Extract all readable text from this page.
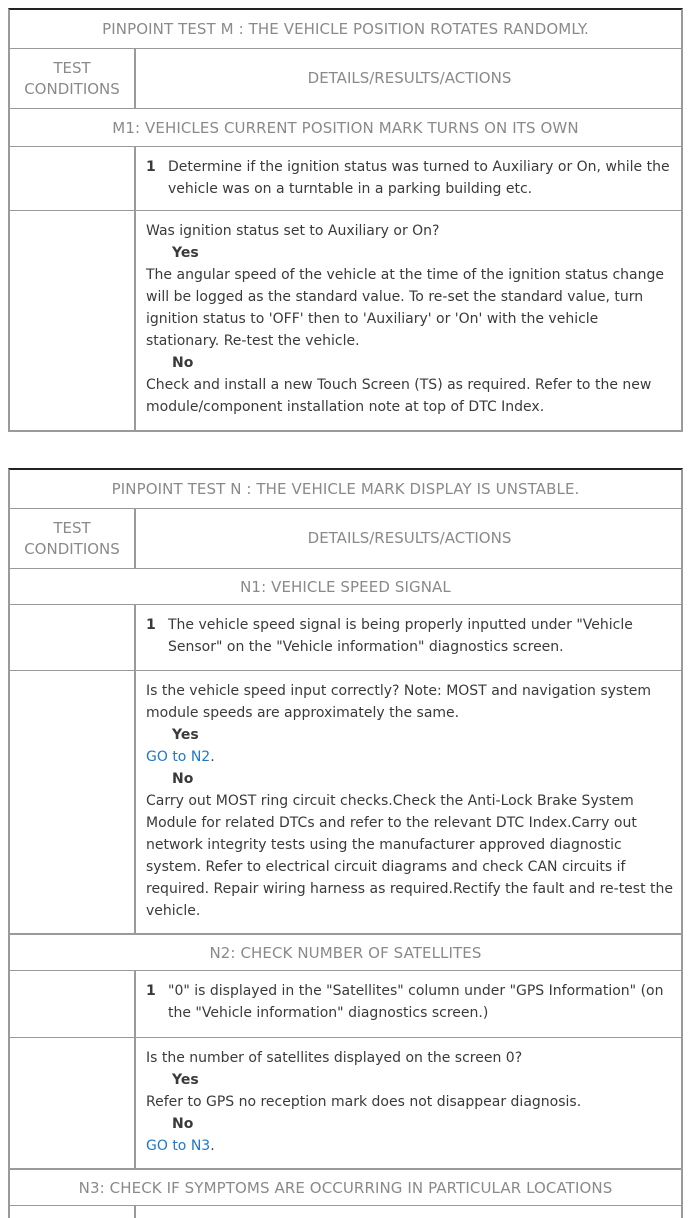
PINPOINT TEST M : THE VEHICLE POSITION ROTATES RANDOMLY.
TEST CONDITIONS
DETAILS/RESULTS/ACTIONS
M1: VEHICLES CURRENT POSITION MARK TURNS ON ITS OWN
1 Determine if the ignition status was turned to Auxiliary or On, while the vehicle was on a turntable in a parking building etc.
Was ignition status set to Auxiliary or On?
Yes
The angular speed of the vehicle at the time of the ignition status change will be logged as the standard value. To re-set the standard value, turn ignition status to 'OFF' then to 'Auxiliary' or 'On' with the vehicle stationary. Re-test the vehicle.
No
Check and install a new Touch Screen (TS) as required. Refer to the new module/component installation note at top of DTC Index.
PINPOINT TEST N : THE VEHICLE MARK DISPLAY IS UNSTABLE.
TEST CONDITIONS
DETAILS/RESULTS/ACTIONS
N1: VEHICLE SPEED SIGNAL
1 The vehicle speed signal is being properly inputted under "Vehicle Sensor" on the "Vehicle information" diagnostics screen.
Is the vehicle speed input correctly? Note: MOST and navigation system module speeds are approximately the same.
Yes
GO to N2.
No
Carry out MOST ring circuit checks.Check the Anti-Lock Brake System Module for related DTCs and refer to the relevant DTC Index.Carry out network integrity tests using the manufacturer approved diagnostic system. Refer to electrical circuit diagrams and check CAN circuits if required. Repair wiring harness as required.Rectify the fault and re-test the vehicle.
N2: CHECK NUMBER OF SATELLITES
1 "0" is displayed in the "Satellites" column under "GPS Information" (on the "Vehicle information" diagnostics screen.)
Is the number of satellites displayed on the screen 0?
Yes
Refer to GPS no reception mark does not disappear diagnosis.
No
GO to N3.
N3: CHECK IF SYMPTOMS ARE OCCURRING IN PARTICULAR LOCATIONS
